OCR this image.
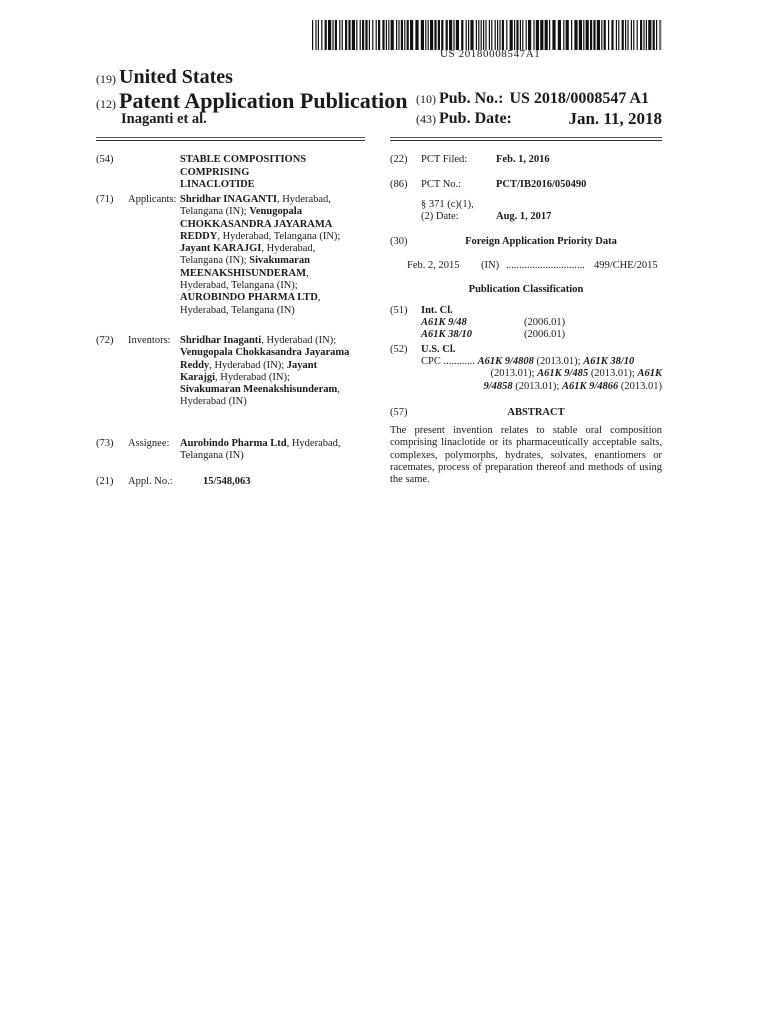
US 20180008547A1
(19) United States
(12) Patent Application Publication
Inaganti et al.
(10) Pub. No.: US 2018/0008547 A1
(43) Pub. Date:	Jan. 11, 2018
(54)	STABLE COMPOSITIONS COMPRISING
LINACLOTIDE
(71) Applicants: Shridhar INAGANTI, Hyderabad,
Telangana (IN); Venugopala
CHOKKASANDRA JAYARAMA
REDDY, Hyderabad, Telangana (IN);
Jayant KARAJGI, Hyderabad,
Telangana (IN); Sivakumaran
MEENAKSHISUNDERAM,
Hyderabad, Telangana (IN);
AUROBINDO PHARMA LTD,
Hyderabad, Telangana (IN)
(72) Inventors: Shridhar Inaganti, Hyderabad (IN);
Venugopala Chokkasandra Jayarama
Reddy, Hyderabad (IN); Jayant
Karajgi, Hyderabad (IN);
Sivakumaran Meenakshisunderam,
Hyderabad (IN)
(73) Assignee: Aurobindo Pharma Ltd, Hyderabad,
Telangana (IN)
(21) Appl. No.:	15/548,063
(22) PCT Filed:	Feb. 1, 2016
(86) PCT No.:	PCT/IB2016/050490
§ 371 (c)(1),
(2) Date:	Aug. 1, 2017
(30)	Foreign Application Priority Data
Feb. 2, 2015 (IN) .............................. 499/CHE/2015
Publication Classification
(51) Int. Cl.
A61K 9/48	(2006.01)
A61K 38/10	(2006.01)
(52) U.S. Cl.
CPC ............ A61K 9/4808 (2013.01); A61K 38/10
(2013.01); A61K 9/485 (2013.01); A61K
9/4858 (2013.01); A61K 9/4866 (2013.01)
(57)	ABSTRACT
The present invention relates to stable oral composition comprising linaclotide or its pharmaceutically acceptable salts, complexes, polymorphs, hydrates, solvates, enantiomers or racemates, process of preparation thereof and methods of using the same.
